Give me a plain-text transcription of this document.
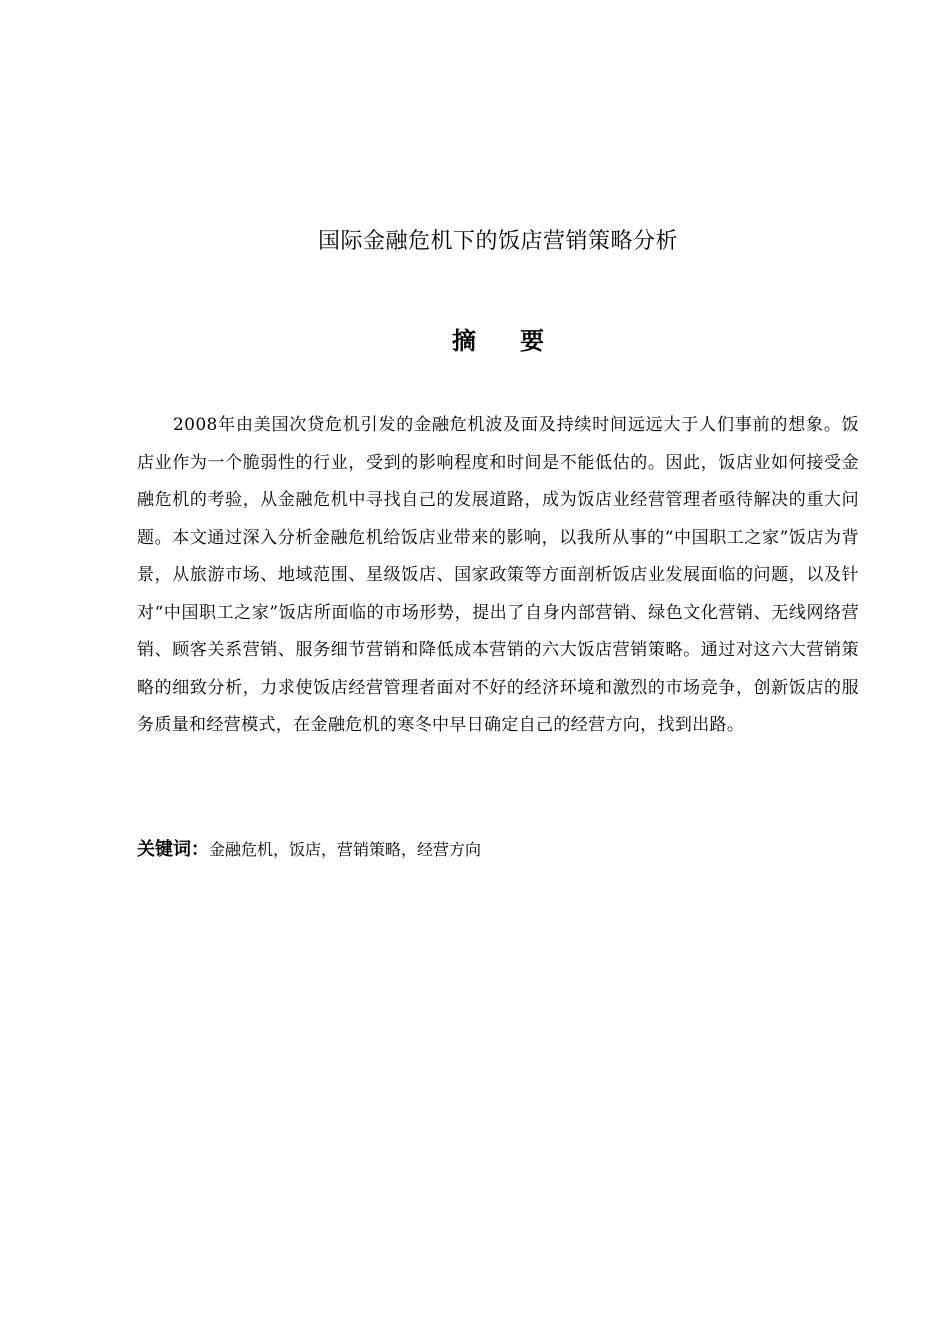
国际金融危机下的饭店营销策略分析
摘 要

2008年由美国次贷危机引发的金融危机波及面及持续时间远远大于人们事前的想象。饭店业作为一个脆弱性的行业，受到的影响程度和时间是不能低估的。因此，饭店业如何接受金融危机的考验，从金融危机中寻找自己的发展道路，成为饭店业经营管理者亟待解决的重大问题。本文通过深入分析金融危机给饭店业带来的影响，以我所从事的“中国职工之家”饭店为背景，从旅游市场、地域范围、星级饭店、国家政策等方面剖析饭店业发展面临的问题，以及针对“中国职工之家”饭店所面临的市场形势，提出了自身内部营销、绿色文化营销、无线网络营销、顾客关系营销、服务细节营销和降低成本营销的六大饭店营销策略。通过对这六大营销策略的细致分析，力求使饭店经营管理者面对不好的经济环境和激烈的市场竞争，创新饭店的服务质量和经营模式，在金融危机的寒冬中早日确定自己的经营方向，找到出路。

关键词：金融危机，饭店，营销策略，经营方向
